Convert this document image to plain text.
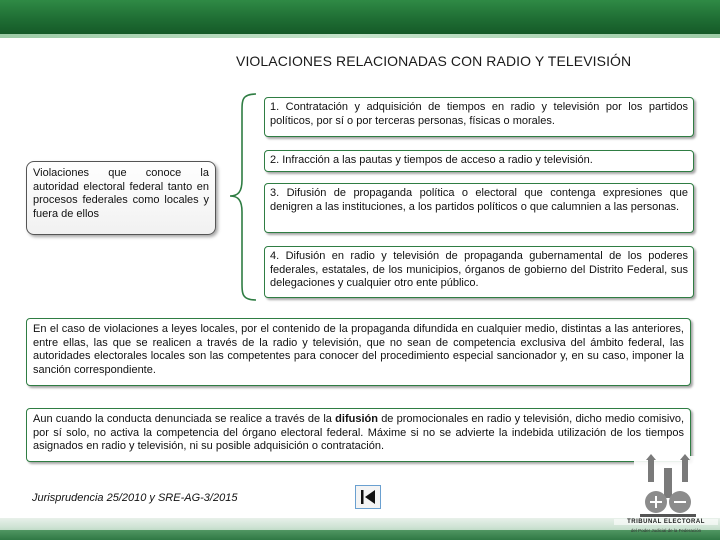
VIOLACIONES RELACIONADAS CON RADIO Y TELEVISIÓN
Violaciones que conoce la autoridad electoral federal tanto en procesos federales como locales y fuera de ellos
1. Contratación y adquisición de tiempos en radio y televisión por los partidos políticos, por sí o por terceras personas, físicas o morales.
2. Infracción a las pautas y tiempos de acceso a radio y televisión.
3. Difusión de propaganda política o electoral que contenga expresiones que denigren a las instituciones, a los partidos políticos o que calumnien a las personas.
4. Difusión en radio y televisión de propaganda gubernamental de los poderes federales, estatales, de los municipios, órganos de gobierno del Distrito Federal, sus delegaciones y cualquier otro ente público.
En el caso de violaciones a leyes locales, por el contenido de la propaganda difundida en cualquier medio, distintas a las anteriores, entre ellas, las que se realicen a través de la radio y televisión, que no sean de competencia exclusiva del ámbito federal, las autoridades electorales locales son las competentes para conocer del procedimiento especial sancionador y, en su caso, imponer la sanción correspondiente.
Aun cuando la conducta denunciada se realice a través de la difusión de promocionales en radio y televisión, dicho medio comisivo, por sí solo, no activa la competencia del órgano electoral federal. Máxime si no se advierte la indebida utilización de los tiempos asignados en radio y televisión, ni su posible adquisición o contratación.
Jurisprudencia 25/2010 y SRE-AG-3/2015
TRIBUNAL ELECTORAL
del Poder Judicial de la Federación
